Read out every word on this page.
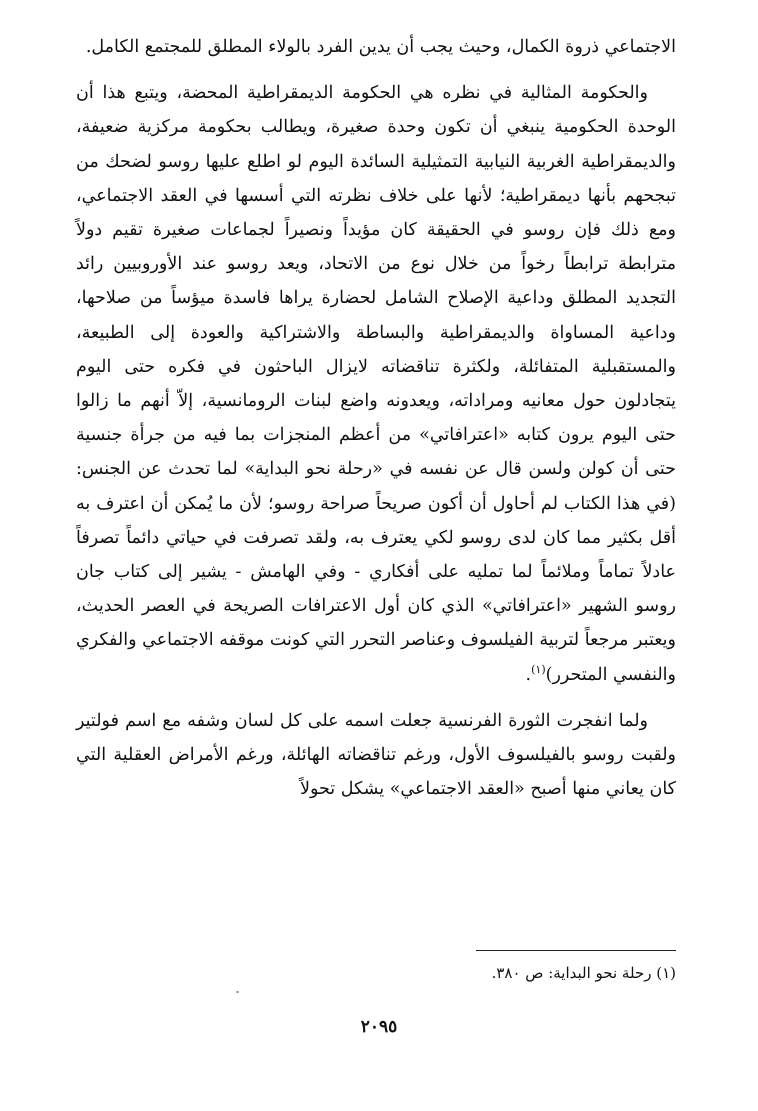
الاجتماعي ذروة الكمال، وحيث يجب أن يدين الفرد بالولاء المطلق للمجتمع الكامل.

والحكومة المثالية في نظره هي الحكومة الديمقراطية المحضة، ويتبع هذا أن الوحدة الحكومية ينبغي أن تكون وحدة صغيرة، ويطالب بحكومة مركزية ضعيفة، والديمقراطية الغربية النيابية التمثيلية السائدة اليوم لو اطلع عليها روسو لضحك من تبجحهم بأنها ديمقراطية؛ لأنها على خلاف نظرته التي أسسها في العقد الاجتماعي، ومع ذلك فإن روسو في الحقيقة كان مؤيداً ونصيراً لجماعات صغيرة تقيم دولاً مترابطة ترابطاً رخواً من خلال نوع من الاتحاد، ويعد روسو عند الأوروبيين رائد التجديد المطلق وداعية الإصلاح الشامل لحضارة يراها فاسدة ميؤساً من صلاحها، وداعية المساواة والديمقراطية والبساطة والاشتراكية والعودة إلى الطبيعة، والمستقبلية المتفائلة، ولكثرة تناقضاته لايزال الباحثون في فكره حتى اليوم يتجادلون حول معانيه ومراداته، ويعدونه واضع لبنات الرومانسية، إلاّ أنهم ما زالوا حتى اليوم يرون كتابه «اعترافاتي» من أعظم المنجزات بما فيه من جرأة جنسية حتى أن كولن ولسن قال عن نفسه في «رحلة نحو البداية» لما تحدث عن الجنس: (في هذا الكتاب لم أحاول أن أكون صريحاً صراحة روسو؛ لأن ما يُمكن أن اعترف به أقل بكثير مما كان لدى روسو لكي يعترف به، ولقد تصرفت في حياتي دائماً تصرفاً عادلاً تماماً وملائماً لما تمليه على أفكاري - وفي الهامش - يشير إلى كتاب جان روسو الشهير «اعترافاتي» الذي كان أول الاعترافات الصريحة في العصر الحديث، ويعتبر مرجعاً لتربية الفيلسوف وعناصر التحرر التي كونت موقفه الاجتماعي والفكري والنفسي المتحرر)$^{(١)}$.

ولما انفجرت الثورة الفرنسية جعلت اسمه على كل لسان وشفه مع اسم فولتير ولقبت روسو بالفيلسوف الأول، ورغم تناقضاته الهائلة، ورغم الأمراض العقلية التي كان يعاني منها أصبح «العقد الاجتماعي» يشكل تحولاً

(١) رحلة نحو البداية: ص ٣٨٠.
٢٠٩٥
